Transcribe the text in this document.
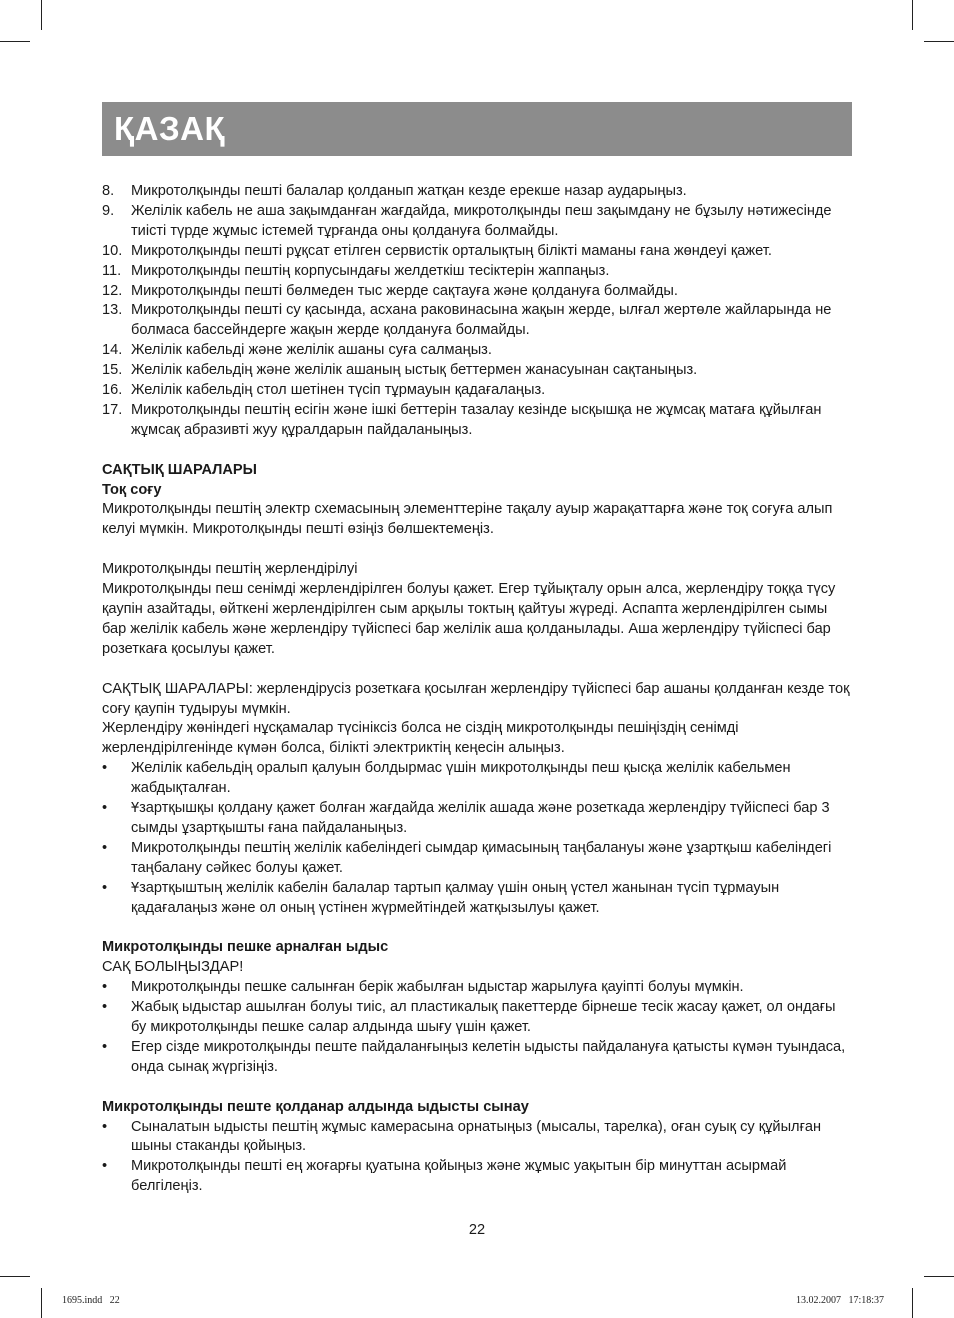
ҚАЗАҚ
8.	Микротолқынды пешті балалар қолданып жатқан кезде ерекше назар аударыңыз.
9.	Желілік кабель не аша зақымданған жағдайда, микротолқынды пеш зақымдану не бұзылу нәтижесінде тиісті түрде жұмыс істемей тұрғанда оны қолдануға болмайды.
10. Микротолқынды пешті рұқсат етілген сервистік орталықтың білікті маманы ғана жөндеуі қажет.
11. Микротолқынды пештің корпусындағы желдеткіш тесіктерін жаппаңыз.
12. Микротолқынды пешті бөлмеден тыс жерде сақтауға және қолдануға болмайды.
13. Микротолқынды пешті су қасында, асхана раковинасына жақын жерде, ылғал жертөле жайларында не болмаса бассейндерге жақын жерде қолдануға болмайды.
14. Желілік кабельді және желілік ашаны суға салмаңыз.
15. Желілік кабельдің және желілік ашаның ыстық беттермен жанасуынан сақтаныңыз.
16. Желілік кабельдің стол шетінен түсіп тұрмауын қадағалаңыз.
17. Микротолқынды пештің есігін және ішкі беттерін тазалау кезінде ысқышқа не жұмсақ матаға құйылған жұмсақ абразивті жуу құралдарын пайдаланыңыз.
САҚТЫҚ ШАРАЛАРЫ
Тоқ соғу
Микротолқынды пештің электр схемасының элементтеріне тақалу ауыр жарақаттарға және тоқ соғуға алып келуі мүмкін. Микротолқынды пешті өзіңіз бөлшектемеңіз.
Микротолқынды пештің жерлендірілуі
Микротолқынды пеш сенімді жерлендірілген болуы қажет. Егер тұйықталу орын алса, жерлендіру тоққа түсу қаупін азайтады, өйткені жерлендірілген сым арқылы токтың қайтуы жүреді. Аспапта жерлендірілген сымы бар желілік кабель және жерлендіру түйіспесі бар желілік аша қолданылады. Аша жерлендіру түйіспесі бар розеткаға қосылуы қажет.
САҚТЫҚ ШАРАЛАРЫ: жерлендірусіз розеткаға қосылған жерлендіру түйіспесі бар ашаны қолданған кезде тоқ соғу қаупін тудыруы мүмкін.
Жерлендіру жөніндегі нұсқамалар түсініксіз болса не сіздің микротолқынды пешіңіздің сенімді жерлендірілгенінде күмән болса, білікті электриктің кеңесін алыңыз.
•	Желілік кабельдің оралып қалуын болдырмас үшін микротолқынды пеш қысқа желілік кабельмен жабдықталған.
•	Ұзартқышқы қолдану қажет болған жағдайда желілік ашада және розеткада жерлендіру түйіспесі бар 3 сымды ұзартқышты ғана пайдаланыңыз.
•	Микротолқынды пештің желілік кабеліндегі сымдар қимасының таңбалануы және ұзартқыш кабеліндегі таңбалану сәйкес болуы қажет.
•	Ұзартқыштың желілік кабелін балалар тартып қалмау үшін оның үстел жанынан түсіп тұрмауын қадағалаңыз және ол оның үстінен жүрмейтіндей жатқызылуы қажет.
Микротолқынды пешке арналған ыдыс
САҚ БОЛЫҢЫЗДАР!
•	Микротолқынды пешке салынған берік жабылған ыдыстар жарылуға қауіпті болуы мүмкін.
•	Жабық ыдыстар ашылған болуы тиіс, ал пластикалық пакеттерде бірнеше тесік жасау қажет, ол ондағы бу микротолқынды пешке салар алдында шығу үшін қажет.
•	Егер сізде микротолқынды пеште пайдаланғыңыз келетін ыдысты пайдалануға қатысты күмән туындаса, онда сынақ жүргізіңіз.
Микротолқынды пеште қолданар алдында ыдысты сынау
•	Сыналатын ыдысты пештің жұмыс камерасына орнатыңыз (мысалы, тарелка), оған суық су құйылған шыны стаканды қойыңыз.
•	Микротолқынды пешті ең жоғарғы қуатына қойыңыз және жұмыс уақытын бір минуттан асырмай белгілеңіз.
22
1695.indd   22	13.02.2007   17:18:37
